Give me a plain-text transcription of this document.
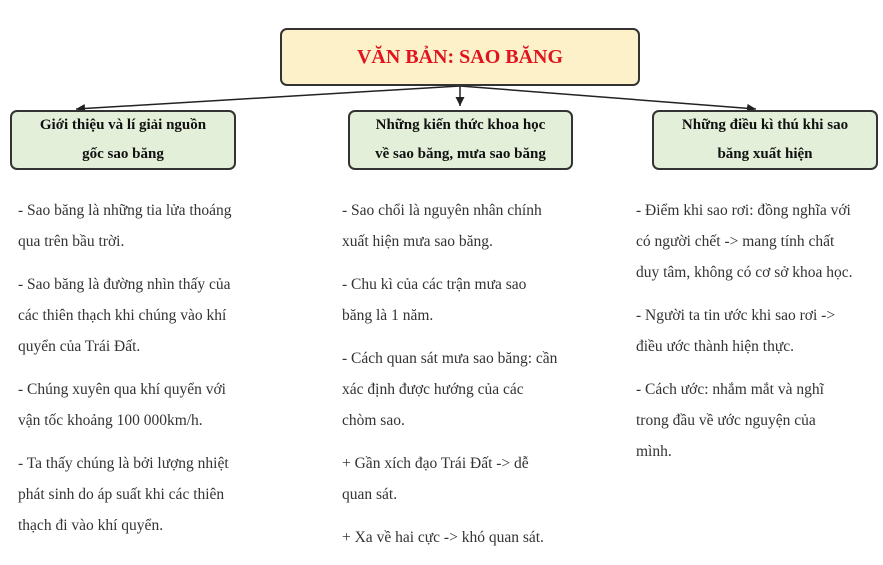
VĂN BẢN: SAO BĂNG
Giới thiệu và lí giải nguồn
gốc sao băng
Những kiến thức khoa học
về sao băng, mưa sao băng
Những điều kì thú khi sao
băng xuất hiện

- Sao băng là những tia lửa thoáng
qua trên bầu trời.

- Sao băng là đường nhìn thấy của
các thiên thạch khi chúng vào khí
quyển của Trái Đất.

- Chúng xuyên qua khí quyển với
vận tốc khoảng 100 000km/h.

- Ta thấy chúng là bởi lượng nhiệt
phát sinh do áp suất khi các thiên
thạch đi vào khí quyển.

- Sao chổi là nguyên nhân chính
xuất hiện mưa sao băng.

- Chu kì của các trận mưa sao
băng là 1 năm.

- Cách quan sát mưa sao băng: cần
xác định được hướng của các
chòm sao.

+ Gần xích đạo Trái Đất -> dễ
quan sát.

+ Xa về hai cực -> khó quan sát.

- Điểm khi sao rơi: đồng nghĩa với
có người chết -> mang tính chất
duy tâm, không có cơ sở khoa học.

- Người ta tin ước khi sao rơi ->
điều ước thành hiện thực.

- Cách ước: nhắm mắt và nghĩ
trong đầu về ước nguyện của
mình.
